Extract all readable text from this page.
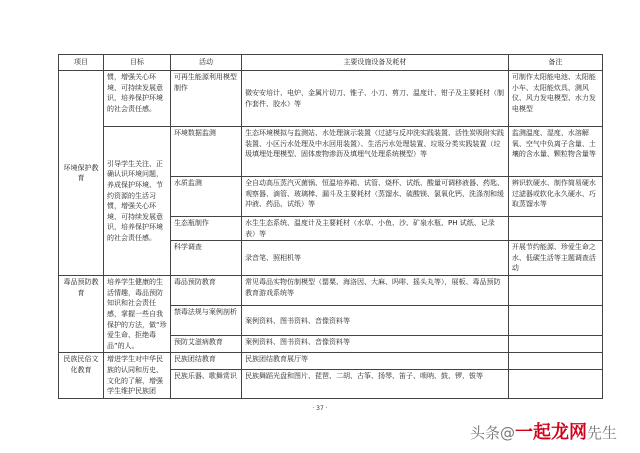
项目	目标	活动	主要设施设备及耗材	备注
环境保护教育	惯，增强关心环境、可持续发展意识，培养保护环境的社会责任感。	可再生能源利用模型制作	微安安培计、电炉、金属片切刀、锥子、小刀、剪刀、温度计、钳子及主要耗材（制作套件、胶水）等	可制作太阳能电池、太阳能小车、太阳能炊具、测风仪、风力发电模型、水力发电模型
	引导学生关注、正确认识环境问题，养成保护环境、节约资源的生活习惯，增强关心环境、可持续发展意识，培养保护环境的社会责任感。	环境数据监测	生态环境模拟与监测站、水处理演示装置（过滤与反冲洗实践装置、活性炭吸附实践装置、小区污水处理及中水回用装置）、生活污水处理装置、垃圾分类实践装置（垃圾填埋处理模型、固体废物渗沥及填埋气处理系统模型）等	监测温度、湿度、水溶解氧、空气中负离子含量、土壤的含水量、颗粒物含量等
		水质监测	全自动高压蒸汽灭菌锅、恒温培养箱、试管、烧杯、试纸、酸量可调移液器、药匙、观察器、滴管、玻璃棒、漏斗及主要耗材（蒸馏水、硫酸镁、氯氧化钙、洗涤剂和缓冲液、药品、试纸）等	辨识软硬水、制作简易硬水过滤器或软化永久硬水、巧取蒸馏水等
		生态瓶制作	水生生态系统、温度计及主要耗材（水草、小鱼、沙、矿泉水瓶、PH 试纸、记录表）等	
		科学调查	录音笔、照相机等	开展节约能源、珍爱生命之水、低碳生活等主题调查活动
毒品预防教育	培养学生健康的生活情趣，毒品预防知识和社会责任感，掌握一些自我保护的方法，做“珍爱生命、拒绝毒品”的人。	毒品预防教育	常见毒品实物仿制模型（罂粟、海洛因、大麻、吗啡、摇头丸等），展板、毒品预防教育游戏系统等	
		禁毒法规与案例剖析	案例资料、图书资料、音像资料等	
		预防艾滋病教育	案例资料、图书资料、音像资料等	
民族民俗文化教育	增进学生对中华民族的认同和历史、文化的了解，增强学生维护民族团	民族团结教育	民族团结教育展厅等	
		民族乐器、歌舞赏识	民族舞蹈光盘和图片、琵琶、二胡、古筝、扬琴、笛子、唢呐、鼓、锣、钹等	
· 37 ·
头条@一起龙网先生
